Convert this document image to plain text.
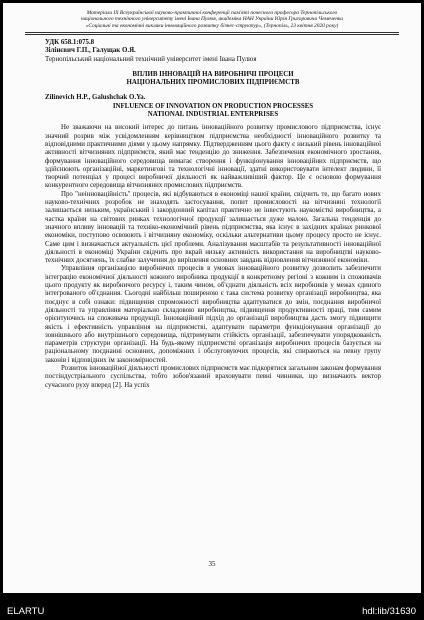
Матеріали IX Всеукраїнської науково-практичної конференції пам'яті почесного професора Тернопільського
національного технічного університету імені Івана Пулюя, академіка НАН України Юрія Григоровича Чемеченка
«Соціальні та економічні виклики інноваційного розвитку бізнес-структур», (Тернопіль, 23 квітня 2020 року)

УДК 658.1:075.8

Зілінєвич Г.П., Галущак О.Я.

Тернопільський національний технічний університет імені Івана Пулюя

ВПЛИВ ІННОВАЦІЙ НА ВИРОБНИЧІ ПРОЦЕСИ

НАЦІОНАЛЬНИХ ПРОМИСЛОВИХ ПІДПРИЄМСТВ

Zilinevich H.P., Galushchak O.Ya.

INFLUENCE OF INNOVATION ON PRODUCTION PROCESSES

NATIONAL INDUSTRIAL ENTERPRISES

Не зважаючи на високий інтерес до питань інноваційного розвитку промислового підприємства, існує значний розрив між усвідомленням керівництвом підприємства необхідності інноваційного розвитку та відповідними практичними діями у цьому напрямку. Підтвердженням цього факту є низький рівень інноваційної активності вітчизняних підприємств, який має тенденцію до зниження. Забезпечення економічного зростання, формування інноваційного середовища вимагає створення і функціонування інноваційних підприємств, що здійснюють організаційні, маркетингові та технологічні інновації, здатні використовувати інтелект людини, її творчий потенціал у процесі виробничої діяльності як найважливіший фактор. Це є основою формування конкурентного середовища вітчизняних промислових підприємств.

Про "неінноваційність" процесів, які відбуваються в економіці нашої країни, свідчить те, що багато нових науково-технічних розробок не знаходять застосування, попит промисловості на вітчизняні технології залишається низьким, український і закордонний капітал практично не інвестують наукомісткі виробництва, а частка країни на світових ринках технологічної продукції залишається дуже малою. Загальна тенденція до значного впливу інновацій та техніко-економічний рівень підприємства, яка існує в західних країнах ринкової економіки, поступово освоюють і вітчизняну економіку, оскільки альтернативи цьому процесу просто не існує. Саме цим і визначається актуальність цієї проблеми. Аналізування масштабів та результативності інноваційної діяльності в економіці України свідчить про вкрай низьку активність використання на виробництві науково-технічних досягнень, їх слабке залучення до вирішення основних завдань відновлення вітчизняної економіки.

Управління організацією виробничих процесів в умовах інноваційного розвитку дозволить забезпечити інтеграцію економічної діяльності кожного виробника продукції в конкретному регіоні з кожним із споживачів цього продукту як виробничого ресурсу і, таким чином, об'єднати діяльність всіх виробників у межах єдиного інтегрованого об'єднання. Сьогодні найбільш поширеною є така система розвитку організації виробництва, яка поєднує в собі ознаки: підвищення спроможності виробництва адаптуватися до змін, поєднання виробничої діяльності та управління матеріально складовою виробництва, підвищення продуктивності праці, тим самим орієнтуючись на споживача продукції. Інноваційний підхід до організації виробництва дасть змогу підвищити якість і ефективність управління на підприємстві, адаптувати параметри функціонування організації до зовнішнього або внутрішнього середовища, підтримувати стійкість організації, забезпечувати упорядкованість параметрів структури організації. На будь-якому підприємстві організація виробничих процесів базується на раціональному поєднанні основних, допоміжних і обслуговуючих процесів, які спираються на певну групу законів і відповідних їм закономірностей.

Розвиток інноваційної діяльності промислових підприємств має підкорятися загальним законам формування постіндустріального суспільства, тобто зобов'язаний враховувати певні чинники, що визначають вектор сучасного руху вперед [2]. На успіх

35
ELARTU	hdl:lib/31630
